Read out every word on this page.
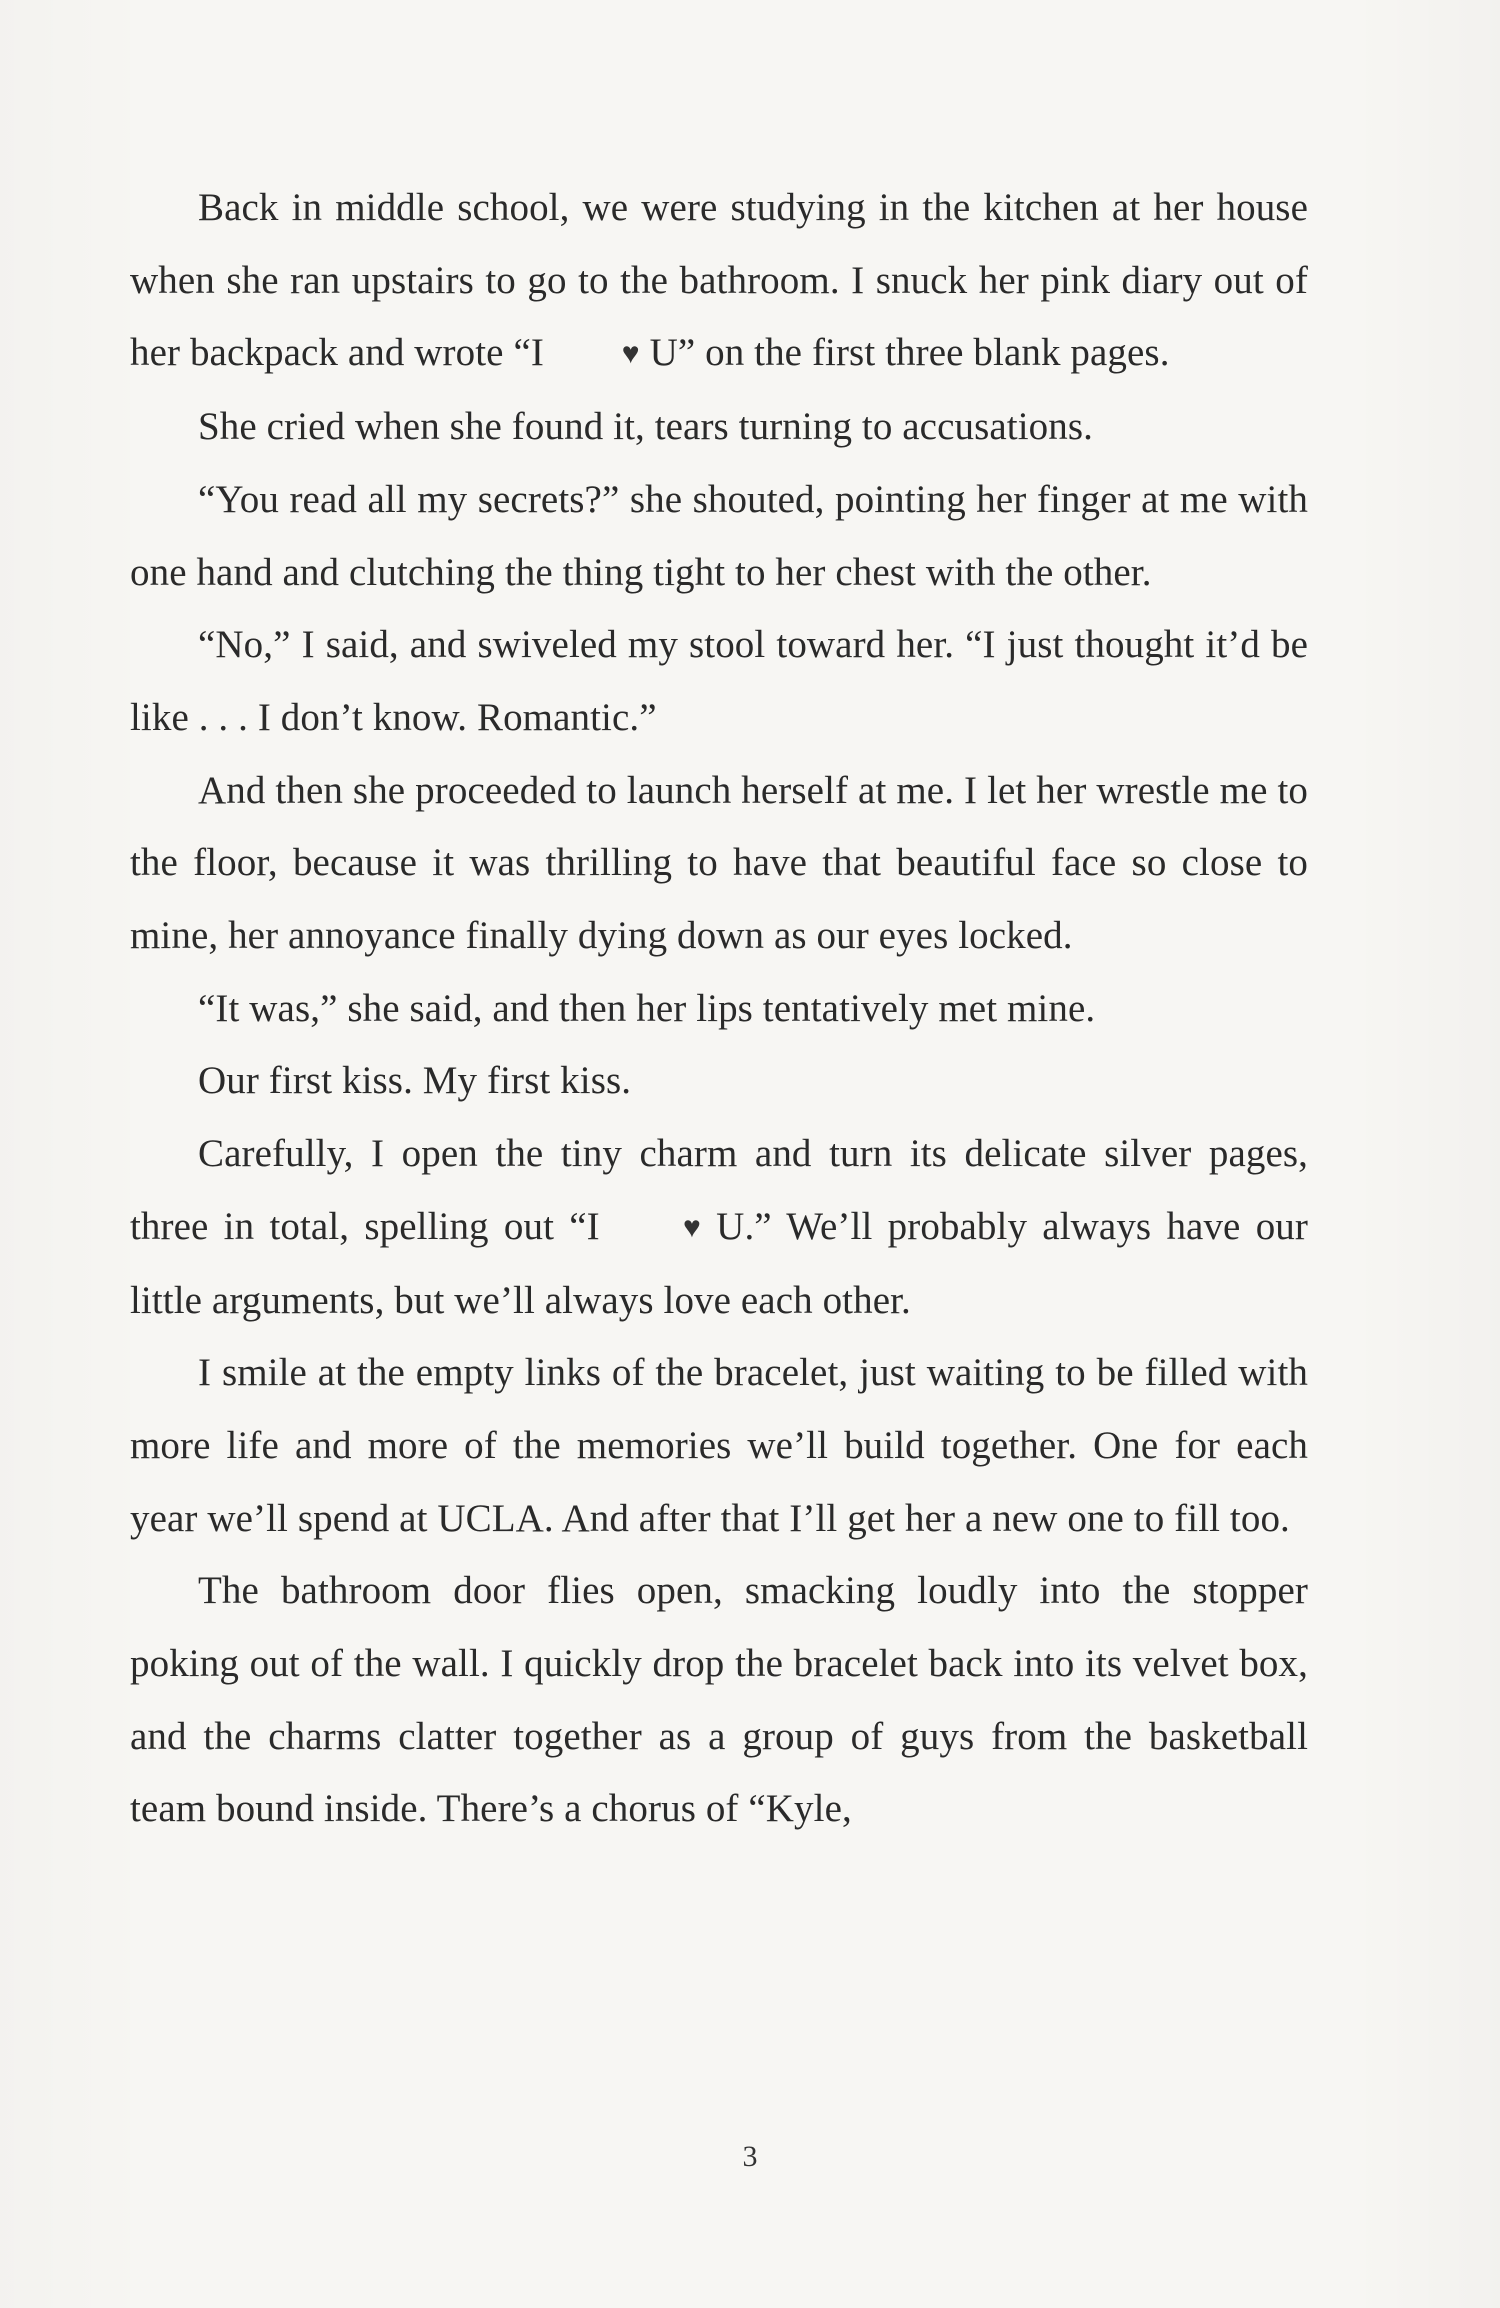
Back in middle school, we were studying in the kitchen at her house when she ran upstairs to go to the bathroom. I snuck her pink diary out of her backpack and wrote “I ♥ U” on the first three blank pages.

She cried when she found it, tears turning to accusations.

“You read all my secrets?” she shouted, pointing her finger at me with one hand and clutching the thing tight to her chest with the other.

“No,” I said, and swiveled my stool toward her. “I just thought it’d be like . . . I don’t know. Romantic.”

And then she proceeded to launch herself at me. I let her wrestle me to the floor, because it was thrilling to have that beautiful face so close to mine, her annoyance finally dying down as our eyes locked.

“It was,” she said, and then her lips tentatively met mine.

Our first kiss. My first kiss.

Carefully, I open the tiny charm and turn its delicate silver pages, three in total, spelling out “I ♥ U.” We’ll probably always have our little arguments, but we’ll always love each other.

I smile at the empty links of the bracelet, just waiting to be filled with more life and more of the memories we’ll build together. One for each year we’ll spend at UCLA. And after that I’ll get her a new one to fill too.

The bathroom door flies open, smacking loudly into the stopper poking out of the wall. I quickly drop the bracelet back into its velvet box, and the charms clatter together as a group of guys from the basketball team bound inside. There’s a chorus of “Kyle,

3
